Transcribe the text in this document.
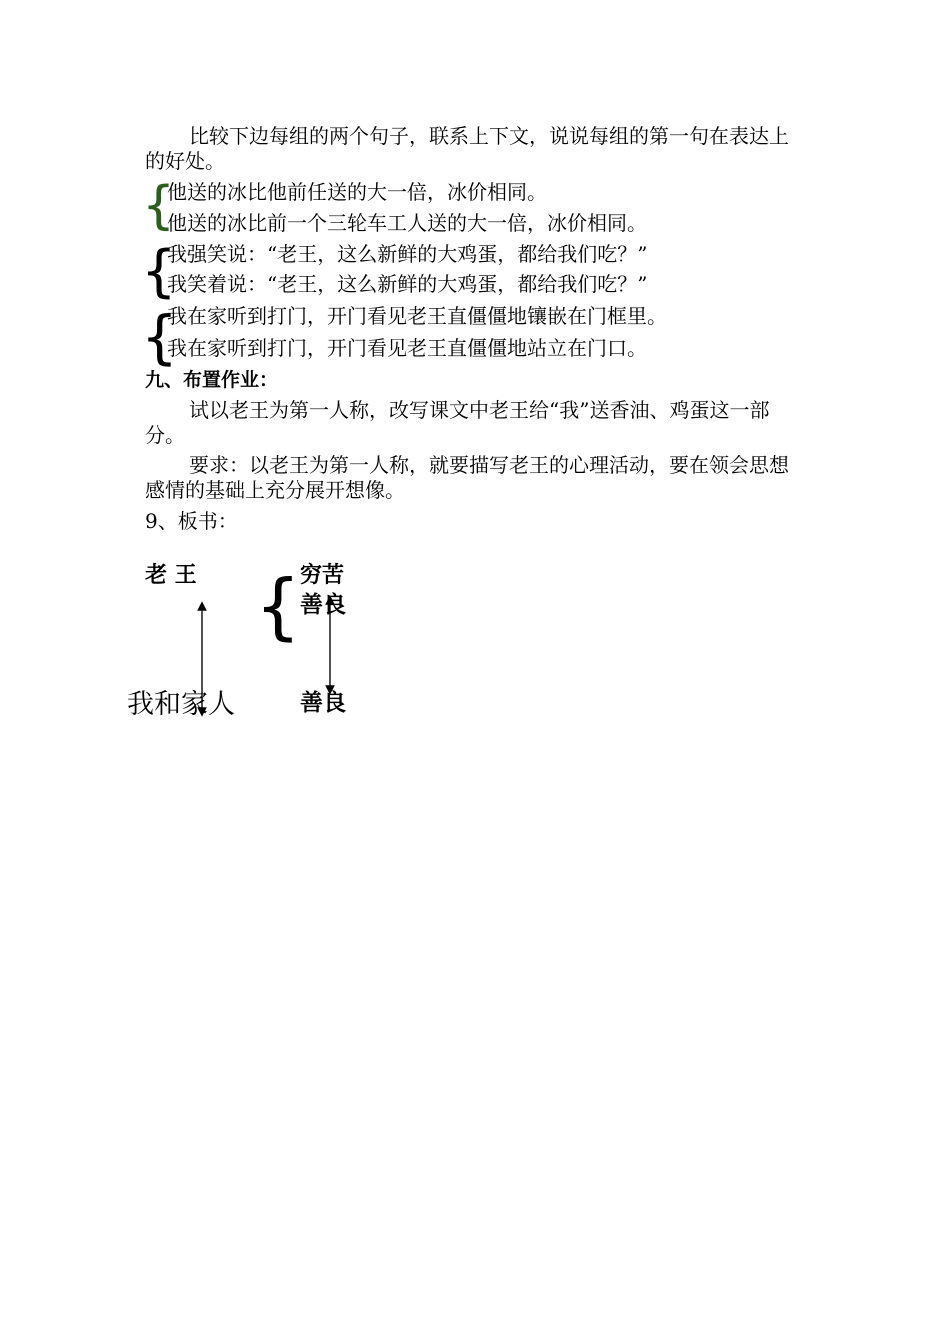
比较下边每组的两个句子，联系上下文，说说每组的第一句在表达上的好处。

{

他送的冰比他前任送的大一倍，冰价相同。

他送的冰比前一个三轮车工人送的大一倍，冰价相同。

{

我强笑说：“老王，这么新鲜的大鸡蛋，都给我们吃？”

我笑着说：“老王，这么新鲜的大鸡蛋，都给我们吃？”

{

我在家听到打门，开门看见老王直僵僵地镶嵌在门框里。

我在家听到打门，开门看见老王直僵僵地站立在门口。

九、布置作业：

试以老王为第一人称，改写课文中老王给“我”送香油、鸡蛋这一部分。

要求：以老王为第一人称，就要描写老王的心理活动，要在领会思想感情的基础上充分展开想像。

9、板书：

老 王	穷苦
{ 善良
我和家人	善良
